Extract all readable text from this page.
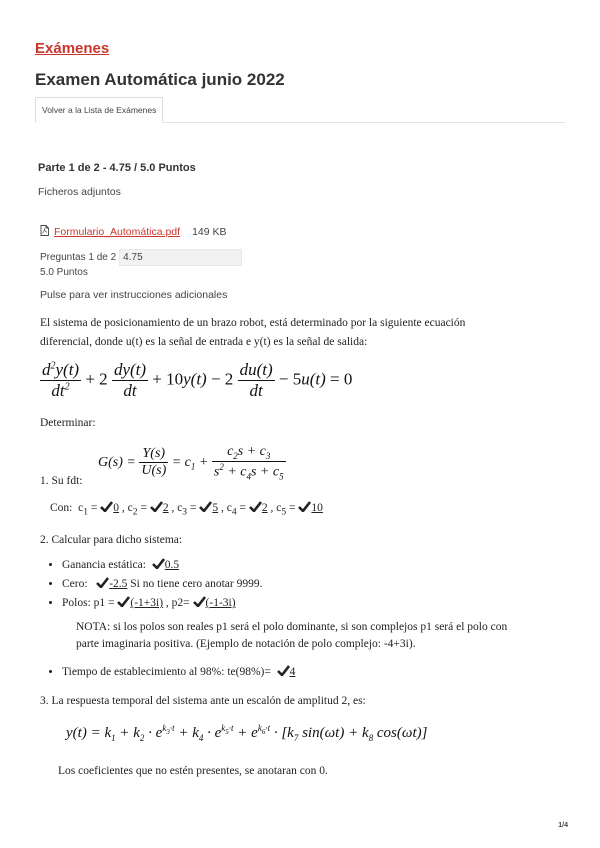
Exámenes
Examen Automática junio 2022
Volver a la Lista de Exámenes
Parte 1 de 2 - 4.75 / 5.0 Puntos
Ficheros adjuntos
Formulario_Automática.pdf 149 KB
Preguntas 1 de 2 4.75
5.0 Puntos
Pulse para ver instrucciones adicionales
El sistema de posicionamiento de un brazo robot, está determinado por la siguiente ecuación
diferencial, donde u(t) es la señal de entrada e y(t) es la señal de salida:
$\frac{d^2y(t)}{dt^2} + 2 \frac{dy(t)}{dt} + 10y(t) - 2 \frac{du(t)}{dt} - 5u(t) = 0$
Determinar:
$G(s) = \frac{Y(s)}{U(s)} = c_1 + \frac{c_2s + c_3}{s^2 + c_4s + c_5}$
1. Su fdt:
Con:  $c_1 = 0$ , $c_2 = 2$ , $c_3 = 5$ , $c_4 = 2$ , $c_5 = 10$
2. Calcular para dicho sistema:
• Ganancia estática: 0.5
• Cero: -2.5 Si no tiene cero anotar 9999.
• Polos: p1 = (-1+3i) , p2= (-1-3i)
NOTA: si los polos son reales p1 será el polo dominante, si son complejos p1 será el polo con
parte imaginaria positiva. (Ejemplo de notación de polo complejo: -4+3i).
• Tiempo de establecimiento al 98%: te(98%)= 4
3. La respuesta temporal del sistema ante un escalón de amplitud 2, es:
$y(t) = k_1 + k_2 \cdot e^{k_3\cdot t} + k_4 \cdot e^{k_5\cdot t} + e^{k_6\cdot t} \cdot [k_7$ $\sin(\omega t) + k_8$ cos(ωt)]
Los coeficientes que no estén presentes, se anotaran con 0.
1/4
